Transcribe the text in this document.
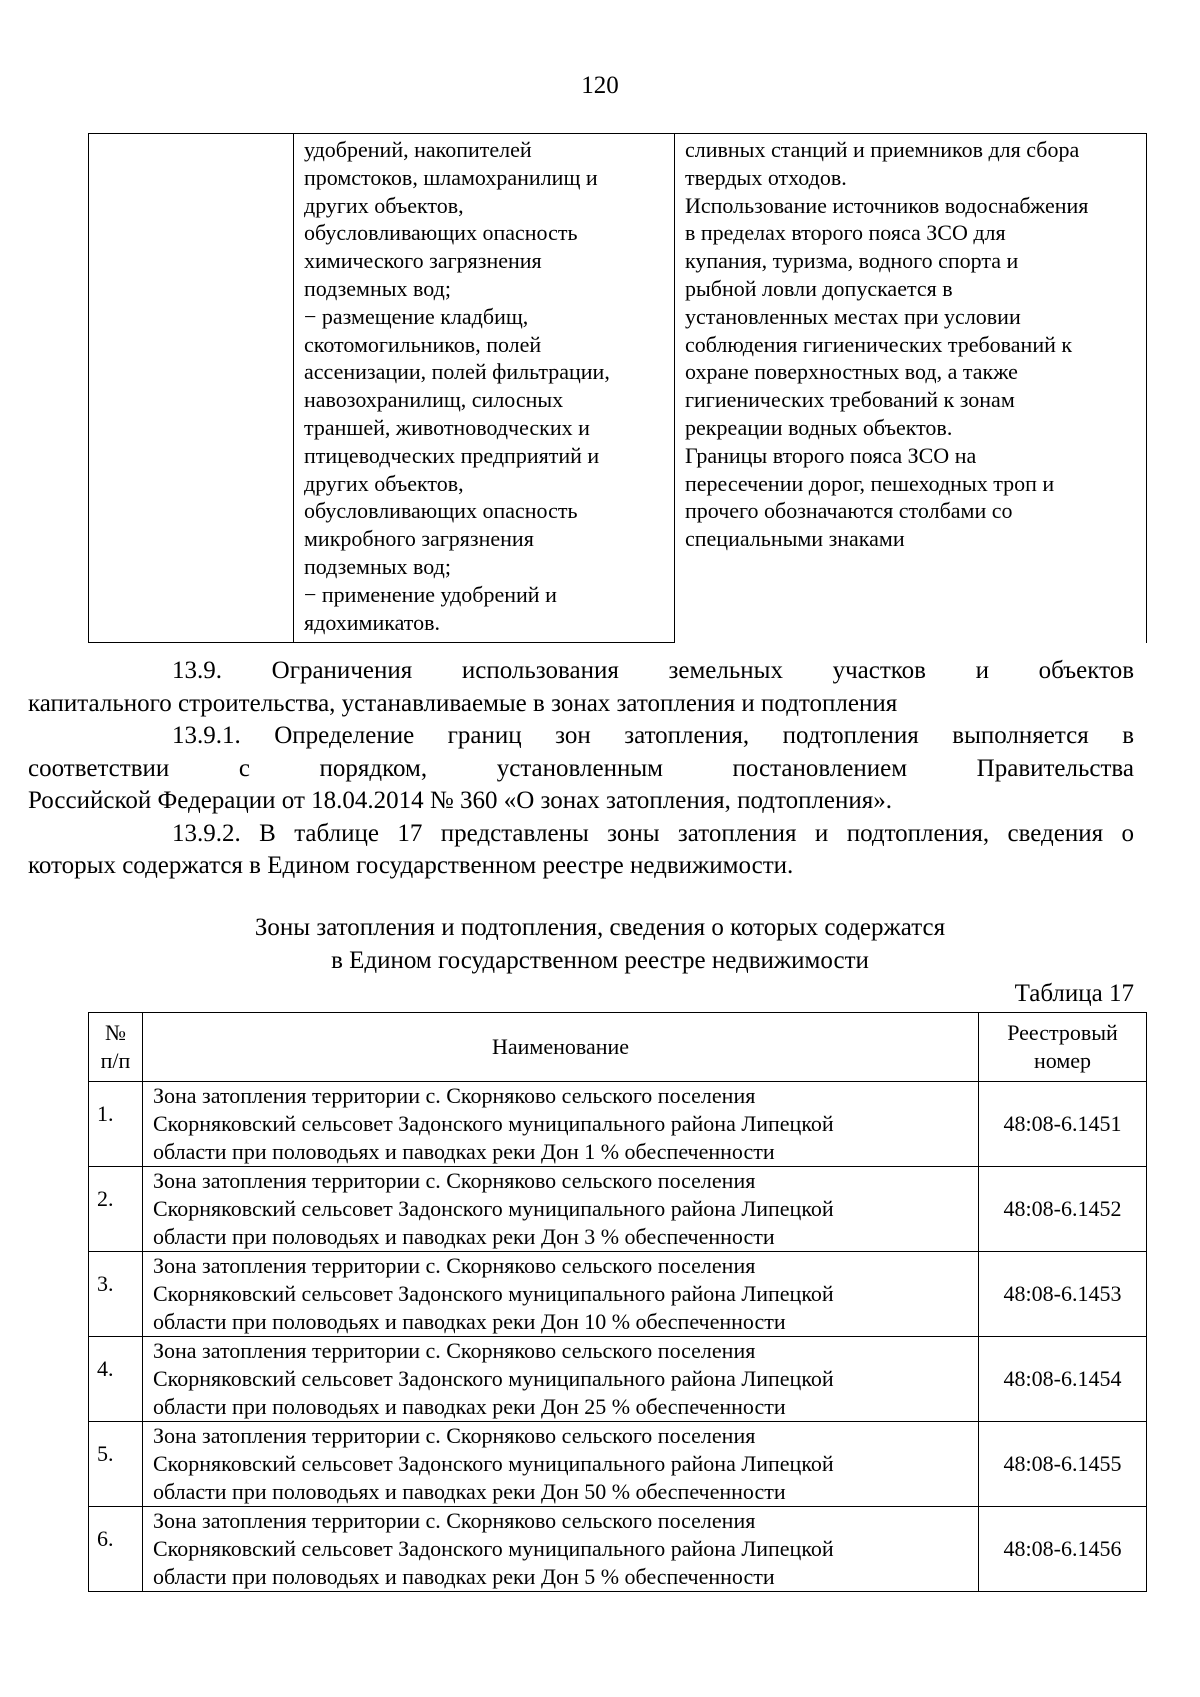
120
	удобрений, накопителей
промстоков, шламохранилищ и
других объектов,
обусловливающих опасность
химического загрязнения
подземных вод;
− размещение кладбищ,
скотомогильников, полей
ассенизации, полей фильтрации,
навозохранилищ, силосных
траншей, животноводческих и
птицеводческих предприятий и
других объектов,
обусловливающих опасность
микробного загрязнения
подземных вод;
− применение удобрений и
ядохимикатов.	сливных станций и приемников для сбора
твердых отходов.
Использование источников водоснабжения
в пределах второго пояса ЗСО для
купания, туризма, водного спорта и
рыбной ловли допускается в
установленных местах при условии
соблюдения гигиенических требований к
охране поверхностных вод, а также
гигиенических требований к зонам
рекреации водных объектов.
Границы второго пояса ЗСО на
пересечении дорог, пешеходных троп и
прочего обозначаются столбами со
специальными знаками

13.9. Ограничения использования земельных участков и объектов
капитального строительства, устанавливаемые в зонах затопления и подтопления

13.9.1. Определение границ зон затопления, подтопления выполняется в
соответствии с порядком, установленным постановлением Правительства
Российской Федерации от 18.04.2014 № 360 «О зонах затопления, подтопления».

13.9.2. В таблице 17 представлены зоны затопления и подтопления, сведения о
которых содержатся в Едином государственном реестре недвижимости.

Зоны затопления и подтопления, сведения о которых содержатся
в Едином государственном реестре недвижимости
Таблица 17
№
п/п	Наименование	Реестровый
номер
1.	Зона затопления территории с. Скорняково сельского поселения
Скорняковский сельсовет Задонского муниципального района Липецкой
области при половодьях и паводках реки Дон 1 % обеспеченности	48:08-6.1451
2.	Зона затопления территории с. Скорняково сельского поселения
Скорняковский сельсовет Задонского муниципального района Липецкой
области при половодьях и паводках реки Дон 3 % обеспеченности	48:08-6.1452
3.	Зона затопления территории с. Скорняково сельского поселения
Скорняковский сельсовет Задонского муниципального района Липецкой
области при половодьях и паводках реки Дон 10 % обеспеченности	48:08-6.1453
4.	Зона затопления территории с. Скорняково сельского поселения
Скорняковский сельсовет Задонского муниципального района Липецкой
области при половодьях и паводках реки Дон 25 % обеспеченности	48:08-6.1454
5.	Зона затопления территории с. Скорняково сельского поселения
Скорняковский сельсовет Задонского муниципального района Липецкой
области при половодьях и паводках реки Дон 50 % обеспеченности	48:08-6.1455
6.	Зона затопления территории с. Скорняково сельского поселения
Скорняковский сельсовет Задонского муниципального района Липецкой
области при половодьях и паводках реки Дон 5 % обеспеченности	48:08-6.1456
